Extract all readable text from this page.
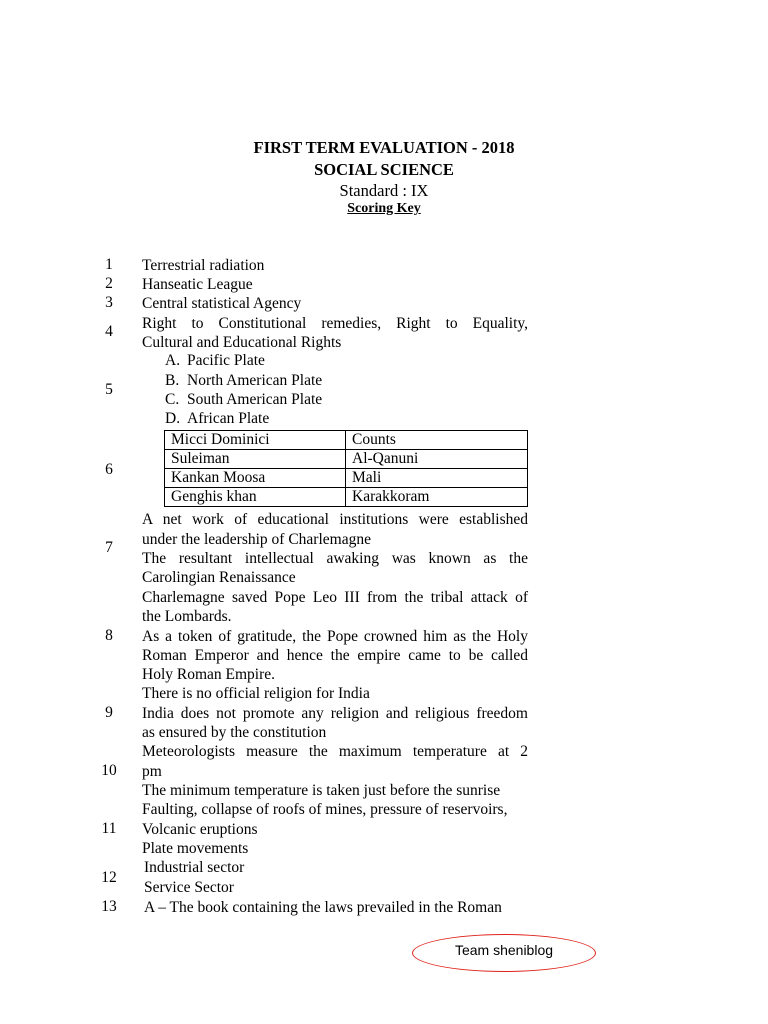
FIRST TERM EVALUATION - 2018
SOCIAL SCIENCE
Standard : IX
Scoring Key
1	Terrestrial radiation
2	Hanseatic League
3	Central statistical Agency
4	Right to Constitutional remedies, Right to Equality,
Cultural and Educational Rights
5
A. Pacific Plate
B. North American Plate
C. South American Plate
D. African Plate
6
Micci Dominici	Counts
Suleiman	Al-Qanuni
Kankan Moosa	Mali
Genghis khan	Karakkoram
7
A net work of educational institutions were established
under the leadership of Charlemagne
The resultant intellectual awaking was known as the
Carolingian Renaissance
8
Charlemagne saved Pope Leo III from the tribal attack of
the Lombards.
As a token of gratitude, the Pope crowned him as the Holy
Roman Emperor and hence the empire came to be called
Holy Roman Empire.
9
There is no official religion for India
India does not promote any religion and religious freedom
as ensured by the constitution
10
Meteorologists measure the maximum temperature at 2
pm
The minimum temperature is taken just before the sunrise
11
Faulting, collapse of roofs of mines, pressure of reservoirs,
Volcanic eruptions
Plate movements
12
Industrial sector
Service Sector
13	A – The book containing the laws prevailed in the Roman
Team sheniblog
